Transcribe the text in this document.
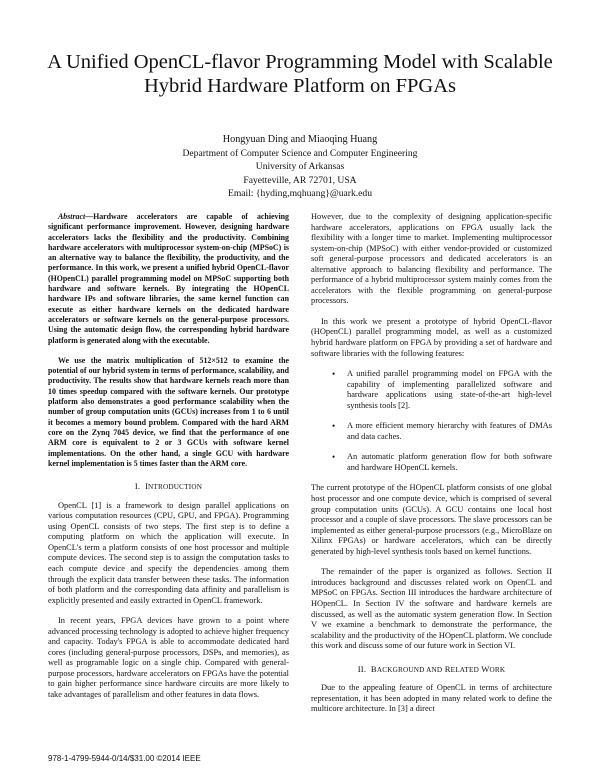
A Unified OpenCL-flavor Programming Model with Scalable
Hybrid Hardware Platform on FPGAs
Hongyuan Ding and Miaoqing Huang
Department of Computer Science and Computer Engineering
University of Arkansas
Fayetteville, AR 72701, USA
Email: {hyding,mqhuang}@uark.edu

Abstract—Hardware accelerators are capable of achieving significant performance improvement. However, designing hardware accelerators lacks the flexibility and the productivity. Combining hardware accelerators with multiprocessor system-on-chip (MPSoC) is an alternative way to balance the flexibility, the productivity, and the performance. In this work, we present a unified hybrid OpenCL-flavor (HOpenCL) parallel programming model on MPSoC supporting both hardware and software kernels. By integrating the HOpenCL hardware IPs and software libraries, the same kernel function can execute as either hardware kernels on the dedicated hardware accelerators or software kernels on the general-purpose processors. Using the automatic design flow, the corresponding hybrid hardware platform is generated along with the executable.

We use the matrix multiplication of 512×512 to examine the potential of our hybrid system in terms of performance, scalability, and productivity. The results show that hardware kernels reach more than 10 times speedup compared with the software kernels. Our prototype platform also demonstrates a good performance scalability when the number of group computation units (GCUs) increases from 1 to 6 until it becomes a memory bound problem. Compared with the hard ARM core on the Zynq 7045 device, we find that the performance of one ARM core is equivalent to 2 or 3 GCUs with software kernel implementations. On the other hand, a single GCU with hardware kernel implementation is 5 times faster than the ARM core.

I. INTRODUCTION

OpenCL [1] is a framework to design parallel applications on various computation resources (CPU, GPU, and FPGA). Programming using OpenCL consists of two steps. The first step is to define a computing platform on which the application will execute. In OpenCL's term a platform consists of one host processor and multiple compute devices. The second step is to assign the computation tasks to each compute device and specify the dependencies among them through the explicit data transfer between these tasks. The information of both platform and the corresponding data affinity and parallelism is explicitly presented and easily extracted in OpenCL framework.

In recent years, FPGA devices have grown to a point where advanced processing technology is adopted to achieve higher frequency and capacity. Today's FPGA is able to accommodate dedicated hard cores (including general-purpose processors, DSPs, and memories), as well as programable logic on a single chip. Compared with general-purpose processors, hardware accelerators on FPGAs have the potential to gain higher performance since hardware circuits are more likely to take advantages of parallelism and other features in data flows.

However, due to the complexity of designing application-specific hardware accelerators, applications on FPGA usually lack the flexibility with a longer time to market. Implementing multiprocessor system-on-chip (MPSoC) with either vendor-provided or customized soft general-purpose processors and dedicated accelerators is an alternative approach to balancing flexibility and performance. The performance of a hybrid multiprocessor system mainly comes from the accelerators with the flexible programming on general-purpose processors.

In this work we present a prototype of hybrid OpenCL-flavor (HOpenCL) parallel programming model, as well as a customized hybrid hardware platform on FPGA by providing a set of hardware and software libraries with the following features:

• A unified parallel programming model on FPGA with the capability of implementing parallelized software and hardware applications using state-of-the-art high-level synthesis tools [2].
• A more efficient memory hierarchy with features of DMAs and data caches.
• An automatic platform generation flow for both software and hardware HOpenCL kernels.

The current prototype of the HOpenCL platform consists of one global host processor and one compute device, which is comprised of several group computation units (GCUs). A GCU contains one local host processor and a couple of slave processors. The slave processors can be implemented as either general-purpose processors (e.g., MicroBlaze on Xilinx FPGAs) or hardware accelerators, which can be directly generated by high-level synthesis tools based on kernel functions.

The remainder of the paper is organized as follows. Section II introduces background and discusses related work on OpenCL and MPSoC on FPGAs. Section III introduces the hardware architecture of HOpenCL. In Section IV the software and hardware kernels are discussed, as well as the automatic system generation flow. In Section V we examine a benchmark to demonstrate the performance, the scalability and the productivity of the HOpenCL platform. We conclude this work and discuss some of our future work in Section VI.

II. BACKGROUND AND RELATED WORK

Due to the appealing feature of OpenCL in terms of architecture representation, it has been adopted in many related work to define the multicore architecture. In [3] a direct

978-1-4799-5944-0/14/$31.00 ©2014 IEEE
